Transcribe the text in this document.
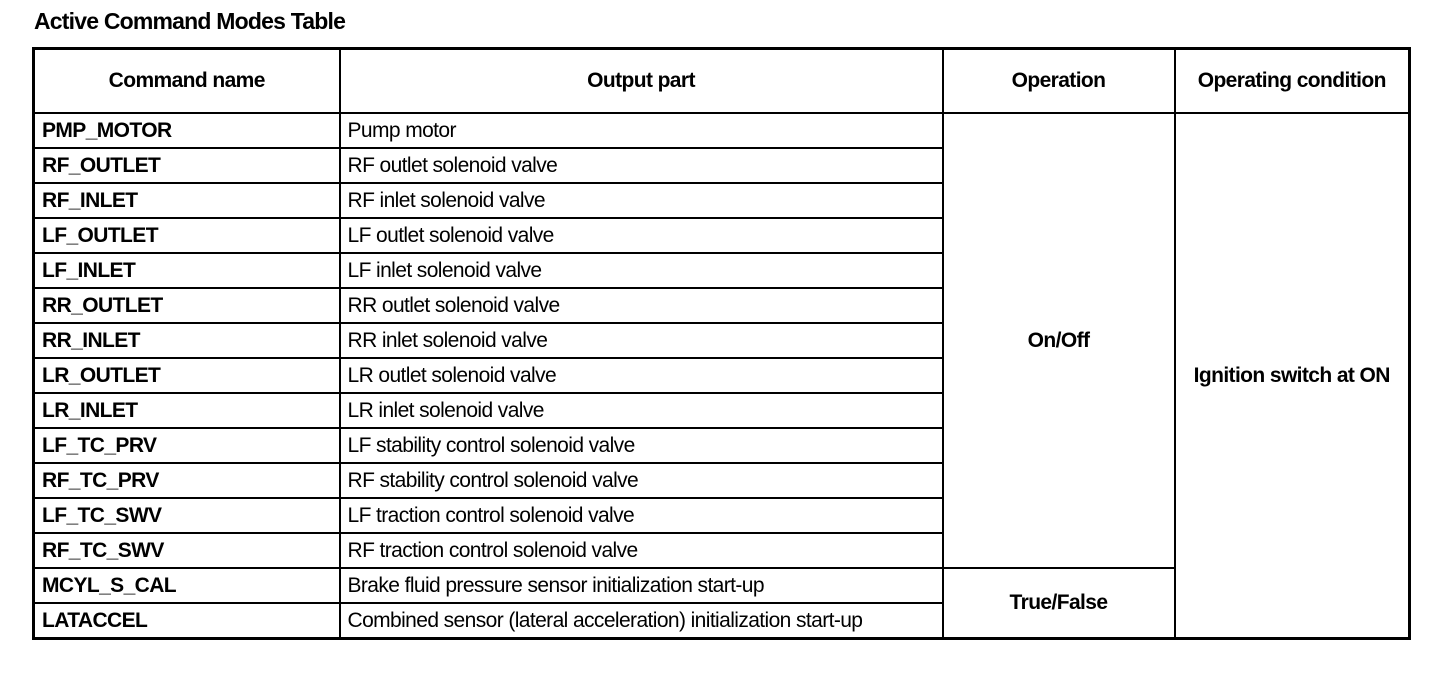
Active Command Modes Table
Command name	Output part	Operation	Operating condition
PMP_MOTOR	Pump motor	On/Off	Ignition switch at ON
RF_OUTLET	RF outlet solenoid valve		
RF_INLET	RF inlet solenoid valve		
LF_OUTLET	LF outlet solenoid valve		
LF_INLET	LF inlet solenoid valve		
RR_OUTLET	RR outlet solenoid valve		
RR_INLET	RR inlet solenoid valve		
LR_OUTLET	LR outlet solenoid valve		
LR_INLET	LR inlet solenoid valve		
LF_TC_PRV	LF stability control solenoid valve		
RF_TC_PRV	RF stability control solenoid valve		
LF_TC_SWV	LF traction control solenoid valve		
RF_TC_SWV	RF traction control solenoid valve		
MCYL_S_CAL	Brake fluid pressure sensor initialization start-up	True/False	
LATACCEL	Combined sensor (lateral acceleration) initialization start-up		
